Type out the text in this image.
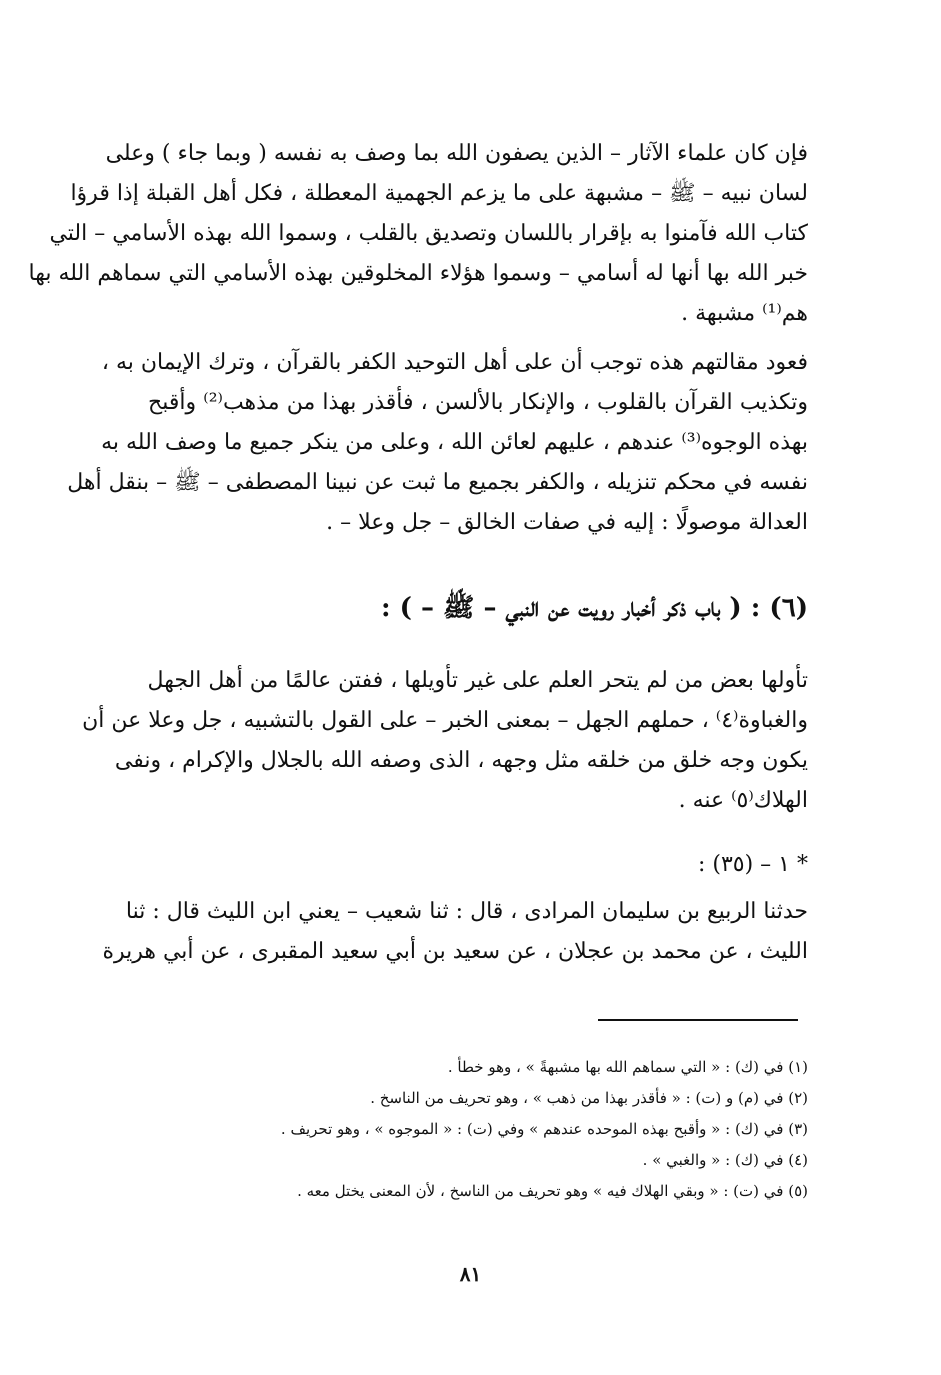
فإن كان علماء الآثار – الذين يصفون الله بما وصف به نفسه ( وبما جاء ) وعلى
لسان نبيه – ﷺ – مشبهة على ما يزعم الجهمية المعطلة ، فكل أهل القبلة إذا قرؤا
كتاب الله فآمنوا به بإقرار باللسان وتصديق بالقلب ، وسموا الله بهذه الأسامي – التي
خبر الله بها أنها له أسامي – وسموا هؤلاء المخلوقين بهذه الأسامي التي سماهم الله بها
هم⁽¹⁾ مشبهة .
فعود مقالتهم هذه توجب أن على أهل التوحيد الكفر بالقرآن ، وترك الإيمان به ،
وتكذيب القرآن بالقلوب ، والإنكار بالألسن ، فأقذر بهذا من مذهب⁽²⁾ وأقبح
بهذه الوجوه⁽³⁾ عندهم ، عليهم لعائن الله ، وعلى من ينكر جميع ما وصف الله به
نفسه في محكم تنزيله ، والكفر بجميع ما ثبت عن نبينا المصطفى – ﷺ – بنقل أهل
العدالة موصولًا : إليه في صفات الخالق – جل وعلا – .
(٦) : ( باب ذكر أخبار رويت عن النبي – ﷺ – ) :
تأولها بعض من لم يتحر العلم على غير تأويلها ، ففتن عالمًا من أهل الجهل
والغباوة⁽٤⁾ ، حملهم الجهل – بمعنى الخبر – على القول بالتشبيه ، جل وعلا عن أن
يكون وجه خلق من خلقه مثل وجهه ، الذى وصفه الله بالجلال والإكرام ، ونفى
الهلاك⁽٥⁾ عنه .
* ١ – (٣٥) :
حدثنا الربيع بن سليمان المرادى ، قال : ثنا شعيب – يعني ابن الليث قال : ثنا
الليث ، عن محمد بن عجلان ، عن سعيد بن أبي سعيد المقبرى ، عن أبي هريرة
(١) في (ك) : « التي سماهم الله بها مشبهةً » ، وهو خطأ .
(٢) في (م) و (ت) : « فأقذر بهذا من ذهب » ، وهو تحريف من الناسخ .
(٣) في (ك) : « وأقبح بهذه الموحده عندهم » وفي (ت) : « الموجوه » ، وهو تحريف .
(٤) في (ك) : « والغبي » .
(٥) في (ت) : « وبقي الهلاك فيه » وهو تحريف من الناسخ ، لأن المعنى يختل معه .
٨١
